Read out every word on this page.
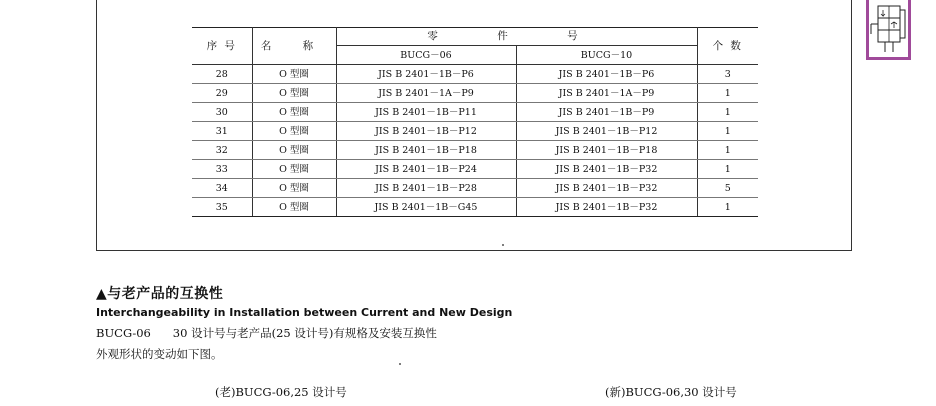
序 号	名 称	零 件 号		个 数
		BUCG－06	BUCG－10	
28	O 型圈	JIS B 2401－1B－P6	JIS B 2401－1B－P6	3
29	O 型圈	JIS B 2401－1A－P9	JIS B 2401－1A－P9	1
30	O 型圈	JIS B 2401－1B－P11	JIS B 2401－1B－P9	1
31	O 型圈	JIS B 2401－1B－P12	JIS B 2401－1B－P12	1
32	O 型圈	JIS B 2401－1B－P18	JIS B 2401－1B－P18	1
33	O 型圈	JIS B 2401－1B－P24	JIS B 2401－1B－P32	1
34	O 型圈	JIS B 2401－1B－P28	JIS B 2401－1B－P32	5
35	O 型圈	JIS B 2401－1B－G45	JIS B 2401－1B－P32	1
▲与老产品的互换性
Interchangeability in Installation between Current and New Design
BUCG-06      30 设计号与老产品(25 设计号)有规格及安装互换性
外观形状的变动如下图。
(老)BUCG-06,25 设计号	(新)BUCG-06,30 设计号
